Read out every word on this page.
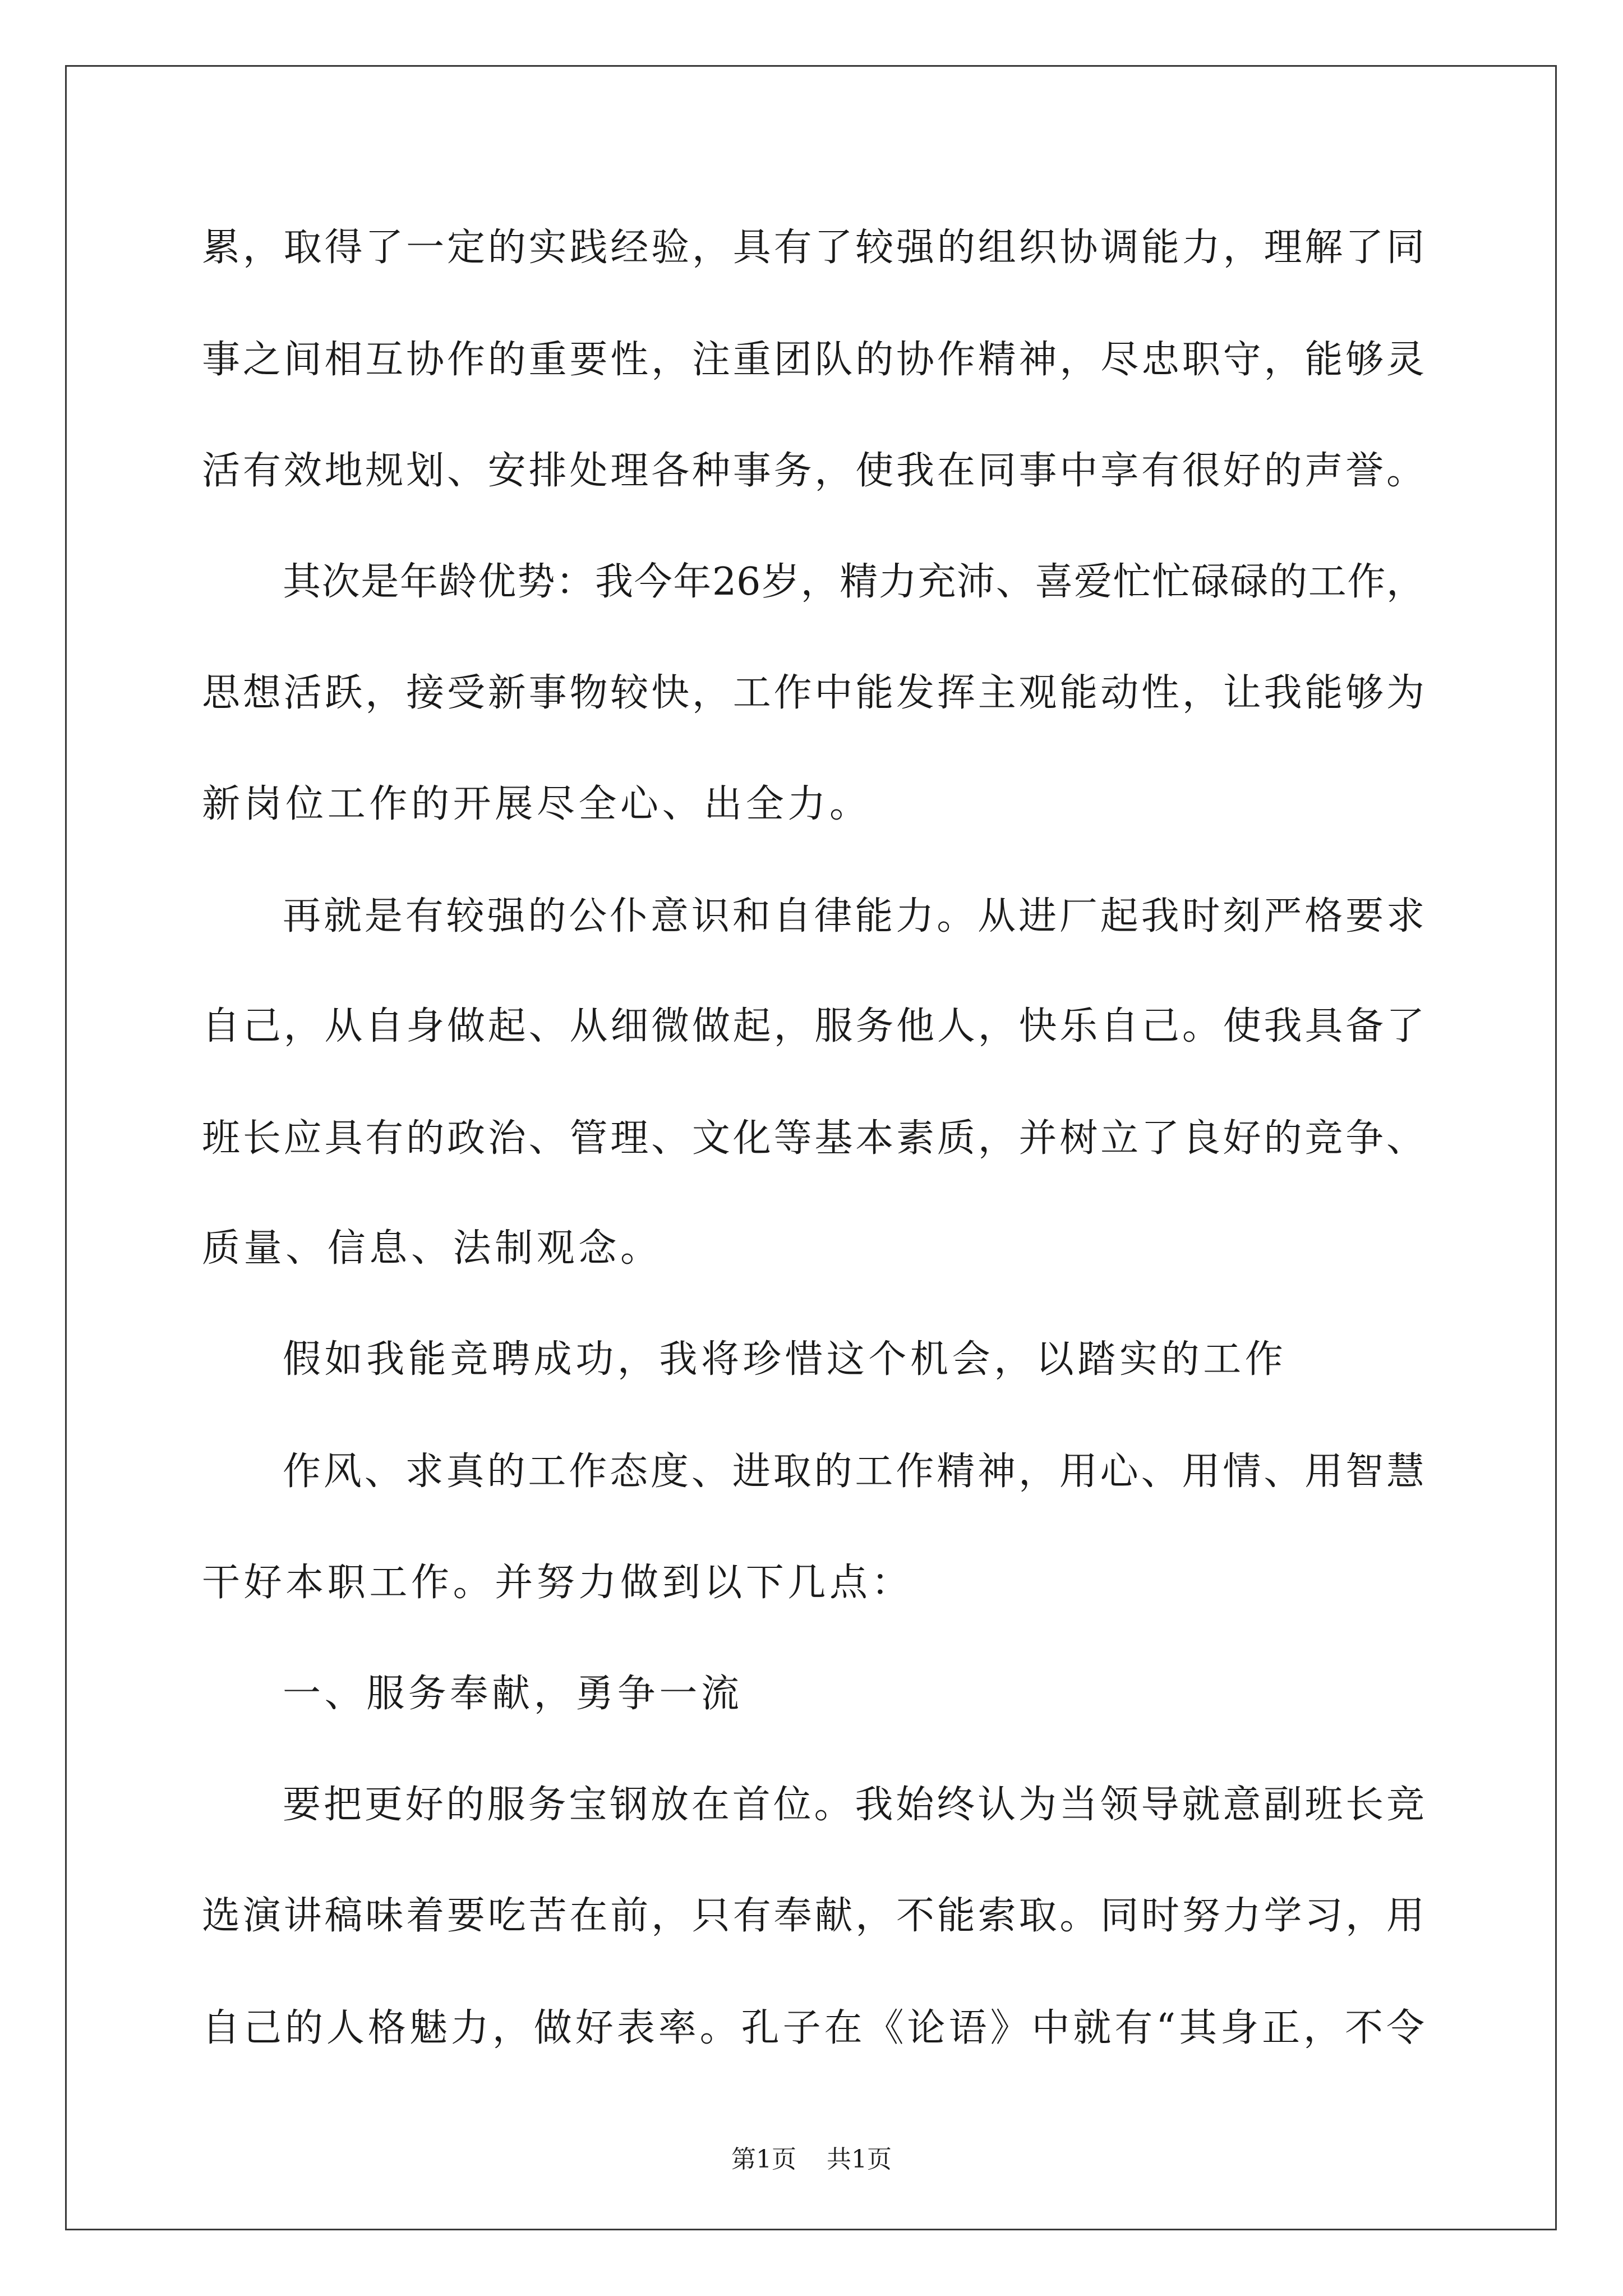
累，取得了一定的实践经验，具有了较强的组织协调能力，理解了同
事之间相互协作的重要性，注重团队的协作精神，尽忠职守，能够灵
活有效地规划、安排处理各种事务，使我在同事中享有很好的声誉。
其次是年龄优势：我今年26岁，精力充沛、喜爱忙忙碌碌的工作，
思想活跃，接受新事物较快，工作中能发挥主观能动性，让我能够为
新岗位工作的开展尽全心、出全力。
再就是有较强的公仆意识和自律能力。从进厂起我时刻严格要求
自己，从自身做起、从细微做起，服务他人，快乐自己。使我具备了
班长应具有的政治、管理、文化等基本素质，并树立了良好的竞争、
质量、信息、法制观念。
假如我能竞聘成功，我将珍惜这个机会，以踏实的工作
作风、求真的工作态度、进取的工作精神，用心、用情、用智慧
干好本职工作。并努力做到以下几点：
一、服务奉献，勇争一流
要把更好的服务宝钢放在首位。我始终认为当领导就意副班长竞
选演讲稿味着要吃苦在前，只有奉献，不能索取。同时努力学习，用
自己的人格魅力，做好表率。孔子在《论语》中就有“其身正，不令
第1页 共1页
